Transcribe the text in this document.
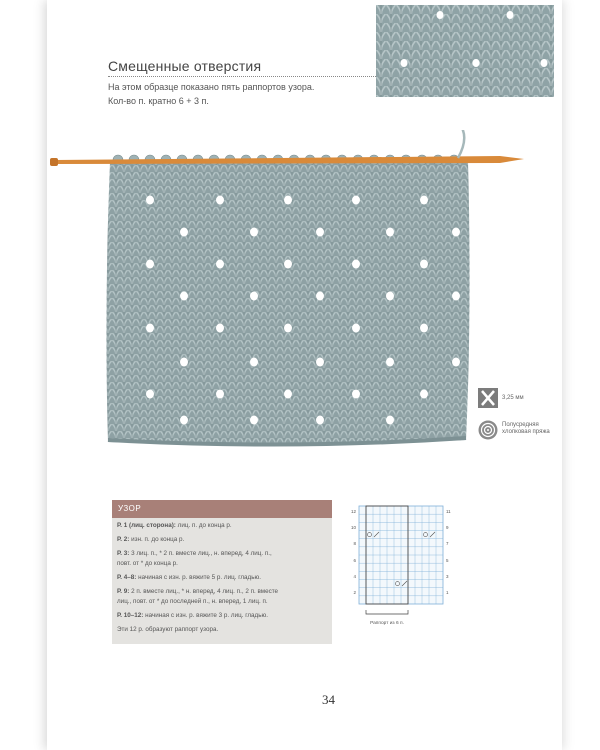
Смещенные отверстия
На этом образце показано пять раппортов узора.
Кол-во п. кратно 6 + 3 п.
3,25 мм
Полусредняя
хлопковая пряжа
УЗОР
Р. 1 (лиц. сторона): лиц. п. до конца р.
Р. 2: изн. п. до конца р.
Р. 3: 3 лиц. п., * 2 п. вместе лиц., н. вперед, 4 лиц. п.,
повт. от * до конца р.
Р. 4–8: начиная с изн. р. вяжите 5 р. лиц. гладью.
Р. 9: 2 п. вместе лиц., * н. вперед, 4 лиц. п., 2 п. вместе
лиц., повт. от * до последней п., н. вперед, 1 лиц. п.
Р. 10–12: начиная с изн. р. вяжите 3 р. лиц. гладью.
Эти 12 р. образуют раппорт узора.
12
10
8
6
4
2
11
9
7
5
3
1
Раппорт из 6 п.
34
